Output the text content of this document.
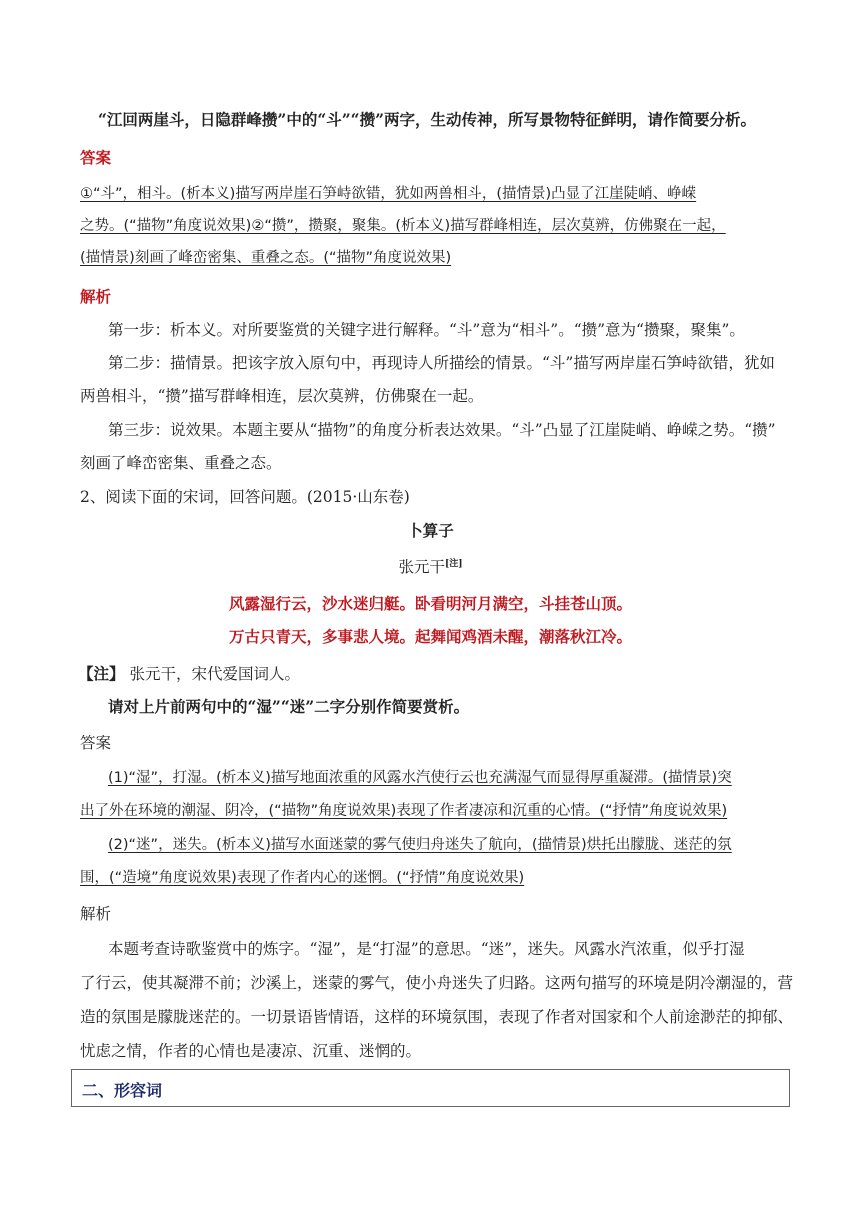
“江回两崖斗，日隐群峰攒”中的“斗”“攒”两字，生动传神，所写景物特征鲜明，请作简要分析。
答案
①“斗”，相斗。(析本义)描写两岸崖石笋峙欲错，犹如两兽相斗，(描情景)凸显了江崖陡峭、峥嵘
之势。(“描物”角度说效果)②“攒”，攒聚，聚集。(析本义)描写群峰相连，层次莫辨，仿佛聚在一起，
(描情景)刻画了峰峦密集、重叠之态。(“描物”角度说效果)
解析
第一步：析本义。对所要鉴赏的关键字进行解释。“斗”意为“相斗”。“攒”意为“攒聚，聚集”。
第二步：描情景。把该字放入原句中，再现诗人所描绘的情景。“斗”描写两岸崖石笋峙欲错，犹如
两兽相斗，“攒”描写群峰相连，层次莫辨，仿佛聚在一起。
第三步：说效果。本题主要从“描物”的角度分析表达效果。“斗”凸显了江崖陡峭、峥嵘之势。“攒”
刻画了峰峦密集、重叠之态。
2、阅读下面的宋词，回答问题。(2015·山东卷)
卜算子
张元干[注]
风露湿行云，沙水迷归艇。卧看明河月满空，斗挂苍山顶。
万古只青天，多事悲人境。起舞闻鸡酒未醒，潮落秋江冷。
【注】 张元干，宋代爱国词人。
请对上片前两句中的“湿”“迷”二字分别作简要赏析。
答案
(1)“湿”，打湿。(析本义)描写地面浓重的风露水汽使行云也充满湿气而显得厚重凝滞。(描情景)突
出了外在环境的潮湿、阴冷，(“描物”角度说效果)表现了作者凄凉和沉重的心情。(“抒情”角度说效果)
(2)“迷”，迷失。(析本义)描写水面迷蒙的雾气使归舟迷失了航向，(描情景)烘托出朦胧、迷茫的氛
围，(“造境”角度说效果)表现了作者内心的迷惘。(“抒情”角度说效果)
解析
本题考查诗歌鉴赏中的炼字。“湿”，是“打湿”的意思。“迷”，迷失。风露水汽浓重，似乎打湿
了行云，使其凝滞不前；沙溪上，迷蒙的雾气，使小舟迷失了归路。这两句描写的环境是阴冷潮湿的，营
造的氛围是朦胧迷茫的。一切景语皆情语，这样的环境氛围，表现了作者对国家和个人前途渺茫的抑郁、
忧虑之情，作者的心情也是凄凉、沉重、迷惘的。
二、形容词
